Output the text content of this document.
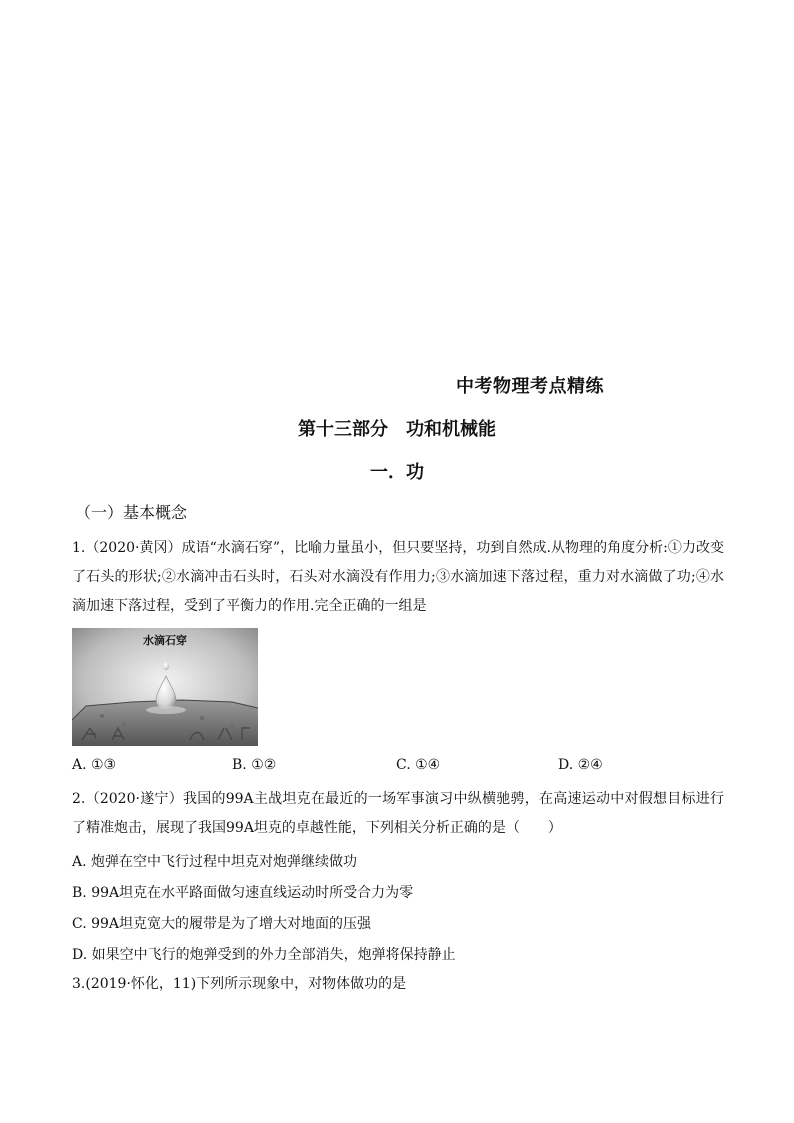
中考物理考点精练
第十三部分　功和机械能
一．功
（一）基本概念
1.（2020·黄冈）成语“水滴石穿”，比喻力量虽小，但只要坚持，功到自然成.从物理的角度分析:①力改变了石头的形状;②水滴冲击石头时，石头对水滴没有作用力;③水滴加速下落过程，重力对水滴做了功;④水滴加速下落过程，受到了平衡力的作用.完全正确的一组是
水滴石穿
A. ①③	B. ①②	C. ①④	D. ②④
2.（2020·遂宁）我国的99A主战坦克在最近的一场军事演习中纵横驰骋，在高速运动中对假想目标进行了精准炮击，展现了我国99A坦克的卓越性能，下列相关分析正确的是（　　）
A. 炮弹在空中飞行过程中坦克对炮弹继续做功
B. 99A坦克在水平路面做匀速直线运动时所受合力为零
C. 99A坦克宽大的履带是为了增大对地面的压强
D. 如果空中飞行的炮弹受到的外力全部消失，炮弹将保持静止
3.(2019·怀化，11)下列所示现象中，对物体做功的是
